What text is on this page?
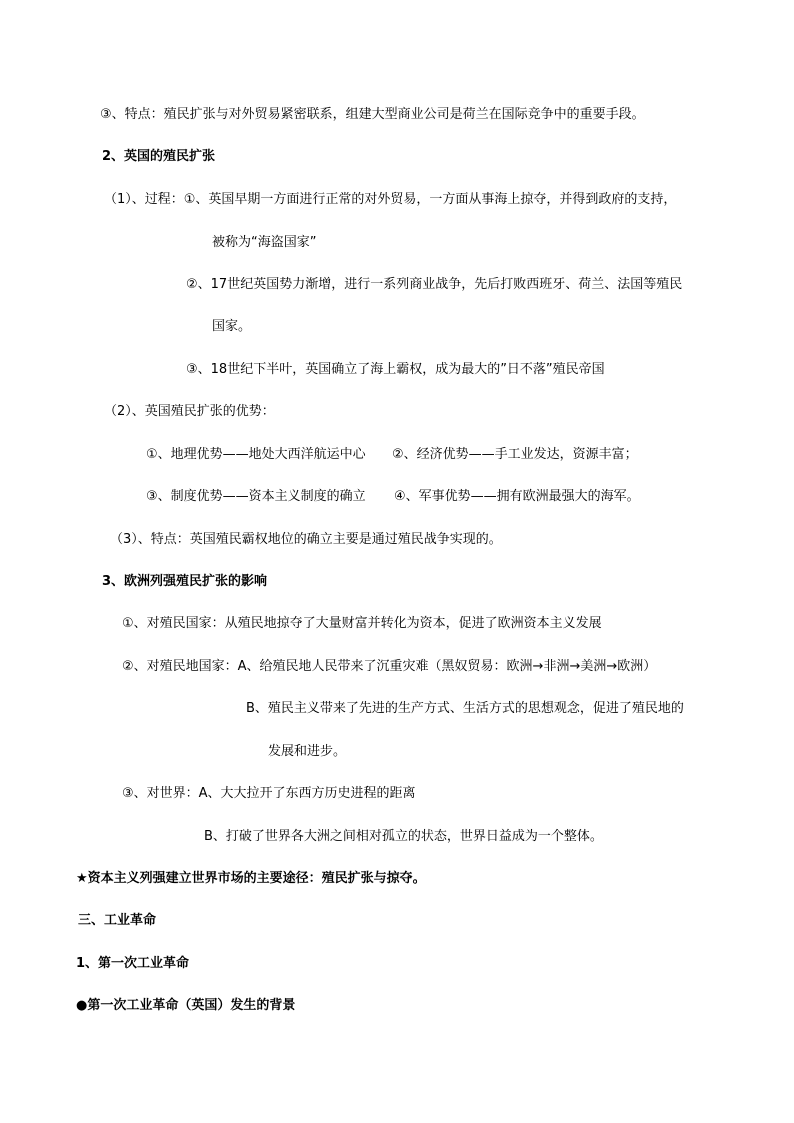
③、特点：殖民扩张与对外贸易紧密联系，组建大型商业公司是荷兰在国际竞争中的重要手段。
2、英国的殖民扩张
（1）、过程：①、英国早期一方面进行正常的对外贸易，一方面从事海上掠夺，并得到政府的支持，
被称为“海盗国家”
②、17世纪英国势力渐增，进行一系列商业战争，先后打败西班牙、荷兰、法国等殖民
国家。
③、18世纪下半叶，英国确立了海上霸权，成为最大的”日不落”殖民帝国
（2）、英国殖民扩张的优势：
①、地理优势——地处大西洋航运中心 ②、经济优势——手工业发达，资源丰富；
③、制度优势——资本主义制度的确立 ④、军事优势——拥有欧洲最强大的海军。
（3）、特点：英国殖民霸权地位的确立主要是通过殖民战争实现的。
3、欧洲列强殖民扩张的影响
①、对殖民国家：从殖民地掠夺了大量财富并转化为资本，促进了欧洲资本主义发展
②、对殖民地国家：A、给殖民地人民带来了沉重灾难（黑奴贸易：欧洲→非洲→美洲→欧洲）
B、殖民主义带来了先进的生产方式、生活方式的思想观念，促进了殖民地的
发展和进步。
③、对世界：A、大大拉开了东西方历史进程的距离
B、打破了世界各大洲之间相对孤立的状态，世界日益成为一个整体。
★资本主义列强建立世界市场的主要途径：殖民扩张与掠夺。
三、工业革命
1、第一次工业革命
●第一次工业革命（英国）发生的背景
